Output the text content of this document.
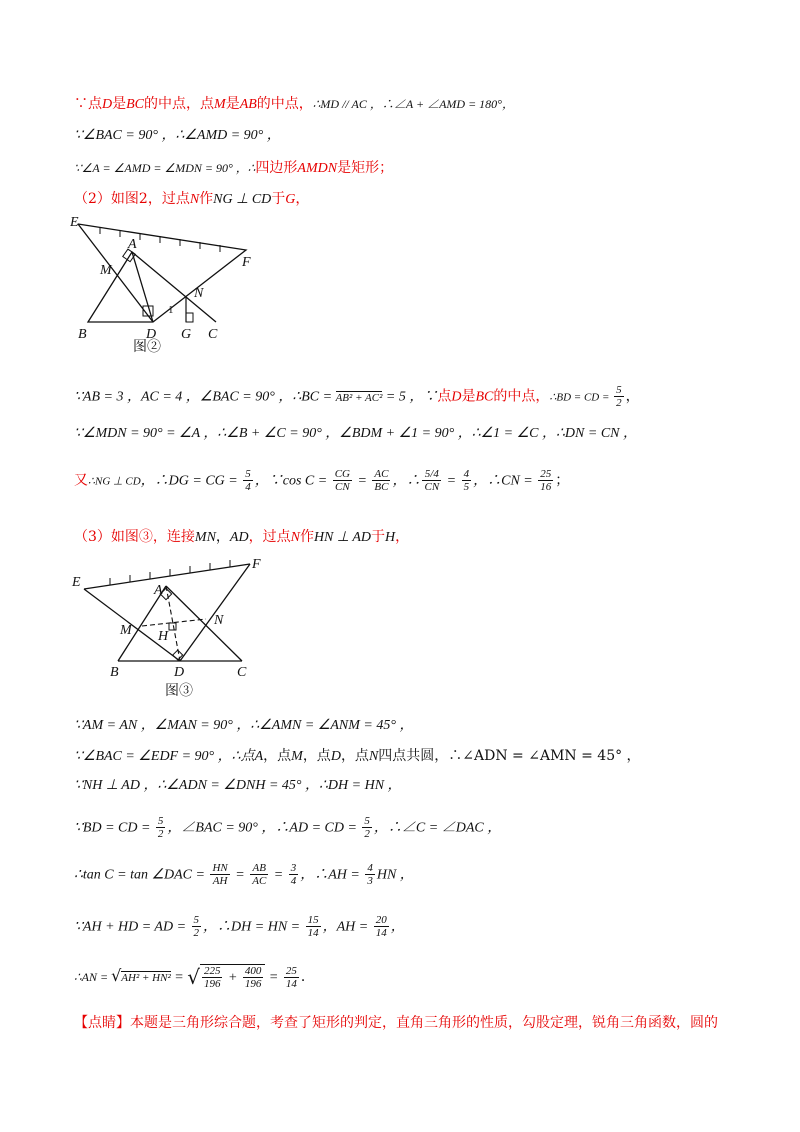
∵点D是BC的中点，点M是AB的中点，∴MD // AC ，∴∠A + ∠AMD = 180°，
∵∠BAC = 90° ，∴∠AMD = 90° ，
∵∠A = ∠AMD = ∠MDN = 90° ，∴四边形AMDN是矩形；
（2）如图2，过点N作NG ⊥ CD于G，
E
A
F
M
N
1
B	D G C
图②
∵AB = 3 ，AC = 4 ，∠BAC = 90° ，∴BC = AB² + AC² = 5 ，∵点D是BC的中点，∴BD = CD = $\frac{5}{2}$ ，
∵∠MDN = 90° = ∠A ，∴∠B + ∠C = 90° ，∠BDM + ∠1 = 90° ，∴∠1 = ∠C ，∴DN = CN ，
又∴NG ⊥ CD，∴DG = CG = $\frac{5}{4}$ ，∵cos $C = \frac{CG}{CN} = \frac{AC}{BC}$ ，∴ $\frac{5/4}{CN} = \frac{4}{5}$ ，∴CN = $\frac{25}{16}$ ；
（3）如图③，连接MN，AD，过点N作HN ⊥ AD于H，
E
F
A
M H
N
B	D	C
图③
∵AM = AN ，∠MAN = 90° ，∴∠AMN = ∠ANM = 45° ，
∵∠BAC = ∠EDF = 90° ，∴点A，点M，点D，点N四点共圆，∴∠ADN = ∠AMN = 45° ，
∵NH ⊥ AD ，∴∠ADN = ∠DNH = 45° ，∴DH = HN ，
∵BD = CD = $\frac{5}{2}$ ，∠BAC = 90° ，∴AD = CD = $\frac{5}{2}$ ，∴∠C = ∠DAC ，
∴tan C = tan ∠DAC = $\frac{HN}{AH} = \frac{AB}{AC} = \frac{3}{4}$ ，∴AH = $\frac{4}{3}$ HN ，
∵AH + HD = AD = $\frac{5}{2}$ ，∴DH = HN = $\frac{15}{14}$ ，AH = $\frac{20}{14}$ ，
∴AN = √AH² + HN² = √ $\frac{225}{196} + \frac{400}{196} = \frac{25}{14}$ ．
【点睛】本题是三角形综合题，考查了矩形的判定，直角三角形的性质，勾股定理，锐角三角函数，圆的
